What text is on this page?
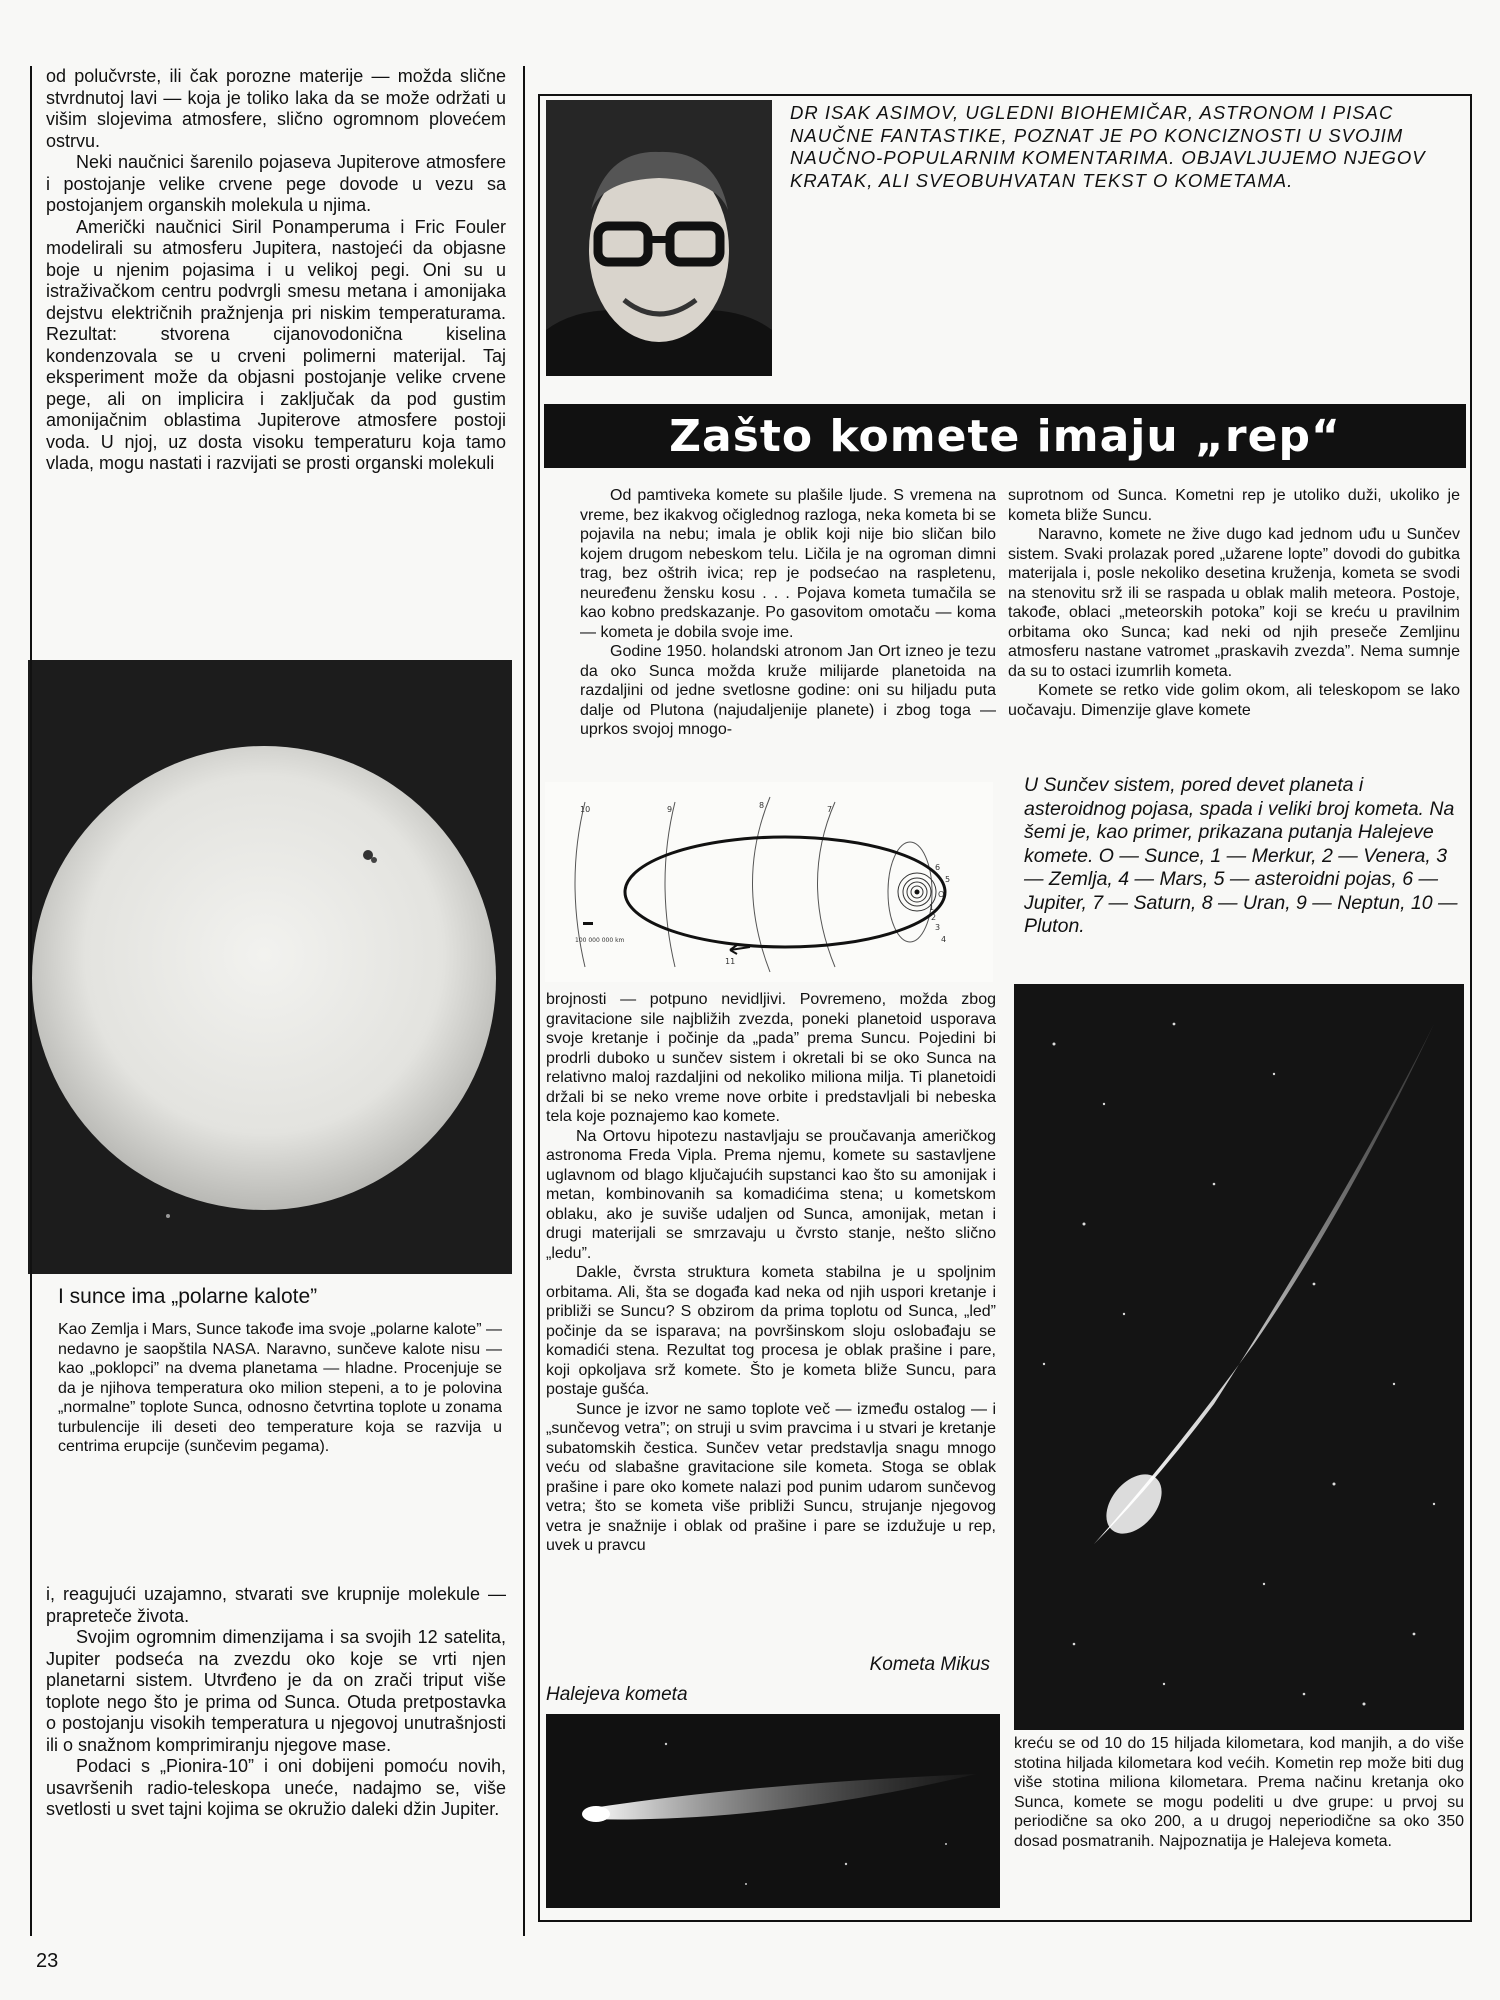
od polučvrste, ili čak porozne materije — možda slične stvrdnutoj lavi — koja je toliko laka da se može održati u višim slojevima atmosfere, slično ogromnom plovećem ostrvu.

Neki naučnici šarenilo pojaseva Jupiterove atmosfere i postojanje velike crvene pege dovode u vezu sa postojanjem organskih molekula u njima.

Američki naučnici Siril Ponamperuma i Fric Fouler modelirali su atmosferu Jupitera, nastojeći da objasne boje u njenim pojasima i u velikoj pegi. Oni su u istraživačkom centru podvrgli smesu metana i amonijaka dejstvu električnih pražnjenja pri niskim temperaturama. Rezultat: stvorena cijanovodonična kiselina kondenzovala se u crveni polimerni materijal. Taj eksperiment može da objasni postojanje velike crvene pege, ali on implicira i zaključak da pod gustim amonijačnim oblastima Jupiterove atmosfere postoji voda. U njoj, uz dosta visoku temperaturu koja tamo vlada, mogu nastati i razvijati se prosti organski molekuli

I sunce ima „polarne kalote”

Kao Zemlja i Mars, Sunce takođe ima svoje „polarne kalote” — nedavno je saopštila NASA. Naravno, sunčeve kalote nisu — kao „poklopci” na dvema planetama — hladne. Procenjuje se da je njihova temperatura oko milion stepeni, a to je polovina „normalne” toplote Sunca, odnosno četvrtina toplote u zonama turbulencije ili deseti deo temperature koja se razvija u centrima erupcije (sunčevim pegama).

i, reagujući uzajamno, stvarati sve krupnije molekule — prapreteče života.

Svojim ogromnim dimenzijama i sa svojih 12 satelita, Jupiter podseća na zvezdu oko koje se vrti njen planetarni sistem. Utvrđeno je da on zrači triput više toplote nego što je prima od Sunca. Otuda pretpostavka o postojanju visokih temperatura u njegovoj unutrašnjosti ili o snažnom komprimiranju njegove mase.

Podaci s „Pionira-10” i oni dobijeni pomoću novih, usavršenih radio-teleskopa uneće, nadajmo se, više svetlosti u svet tajni kojima se okružio daleki džin Jupiter.

DR ISAK ASIMOV, UGLEDNI BIOHEMIČAR, ASTRONOM I PISAC NAUČNE FANTASTIKE, POZNAT JE PO KONCIZNOSTI U SVOJIM NAUČNO-POPULARNIM KOMENTARIMA. OBJAVLJUJEMO NJEGOV KRATAK, ALI SVEOBUHVATAN TEKST O KOMETAMA.

Zašto komete imaju „rep“

Od pamtiveka komete su plašile ljude. S vremena na vreme, bez ikakvog očiglednog razloga, neka kometa bi se pojavila na nebu; imala je oblik koji nije bio sličan bilo kojem drugom nebeskom telu. Ličila je na ogroman dimni trag, bez oštrih ivica; rep je podsećao na raspletenu, neuređenu žensku kosu . . . Pojava kometa tumačila se kao kobno predskazanje. Po gasovitom omotaču — koma — kometa je dobila svoje ime.

Godine 1950. holandski atronom Jan Ort izneo je tezu da oko Sunca možda kruže milijarde planetoida na razdaljini od jedne svetlosne godine: oni su hiljadu puta dalje od Plutona (najudaljenije planete) i zbog toga — uprkos svojoj mnogo-

suprotnom od Sunca. Kometni rep je utoliko duži, ukoliko je kometa bliže Suncu.

Naravno, komete ne žive dugo kad jednom uđu u Sunčev sistem. Svaki prolazak pored „užarene lopte” dovodi do gubitka materijala i, posle nekoliko desetina kruženja, kometa se svodi na stenovitu srž ili se raspada u oblak malih meteora. Postoje, takođe, oblaci „meteorskih potoka” koji se kreću u pravilnim orbitama oko Sunca; kad neki od njih preseče Zemljinu atmosferu nastane vatromet „praskavih zvezda”. Nema sumnje da su to ostaci izumrlih kometa.

Komete se retko vide golim okom, ali teleskopom se lako uočavaju. Dimenzije glave komete

10	9	8	7
6
5
4
3
2
1
O
11
100 000 000 km

U Sunčev sistem, pored devet planeta i asteroidnog pojasa, spada i veliki broj kometa. Na šemi je, kao primer, prikazana putanja Halejeve komete. O — Sunce, 1 — Merkur, 2 — Venera, 3 — Zemlja, 4 — Mars, 5 — asteroidni pojas, 6 — Jupiter, 7 — Saturn, 8 — Uran, 9 — Neptun, 10 — Pluton.

brojnosti — potpuno nevidljivi. Povremeno, možda zbog gravitacione sile najbližih zvezda, poneki planetoid usporava svoje kretanje i počinje da „pada” prema Suncu. Pojedini bi prodrli duboko u sunčev sistem i okretali bi se oko Sunca na relativno maloj razdaljini od nekoliko miliona milja. Ti planetoidi držali bi se neko vreme nove orbite i predstavljali bi nebeska tela koje poznajemo kao komete.

Na Ortovu hipotezu nastavljaju se proučavanja američkog astronoma Freda Vipla. Prema njemu, komete su sastavljene uglavnom od blago ključajućih supstanci kao što su amonijak i metan, kombinovanih sa komadićima stena; u kometskom oblaku, ako je suviše udaljen od Sunca, amonijak, metan i drugi materijali se smrzavaju u čvrsto stanje, nešto slično „ledu”.

Dakle, čvrsta struktura kometa stabilna je u spoljnim orbitama. Ali, šta se događa kad neka od njih uspori kretanje i približi se Suncu? S obzirom da prima toplotu od Sunca, „led” počinje da se isparava; na površinskom sloju oslobađaju se komadići stena. Rezultat tog procesa je oblak prašine i pare, koji opkoljava srž komete. Što je kometa bliže Suncu, para postaje gušća.

Sunce je izvor ne samo toplote več — između ostalog — i „sunčevog vetra”; on struji u svim pravcima i u stvari je kretanje subatomskih čestica. Sunčev vetar predstavlja snagu mnogo veću od slabašne gravitacione sile kometa. Stoga se oblak prašine i pare oko komete nalazi pod punim udarom sunčevog vetra; što se kometa više približi Suncu, strujanje njegovog vetra je snažnije i oblak od prašine i pare se izdužuje u rep, uvek u pravcu

Kometa Mikus
Halejeva kometa

kreću se od 10 do 15 hiljada kilometara, kod manjih, a do više stotina hiljada kilometara kod većih. Kometin rep može biti dug više stotina miliona kilometara. Prema načinu kretanja oko Sunca, komete se mogu podeliti u dve grupe: u prvoj su periodične sa oko 200, a u drugoj neperiodične sa oko 350 dosad posmatranih. Najpoznatija je Halejeva kometa.

23
